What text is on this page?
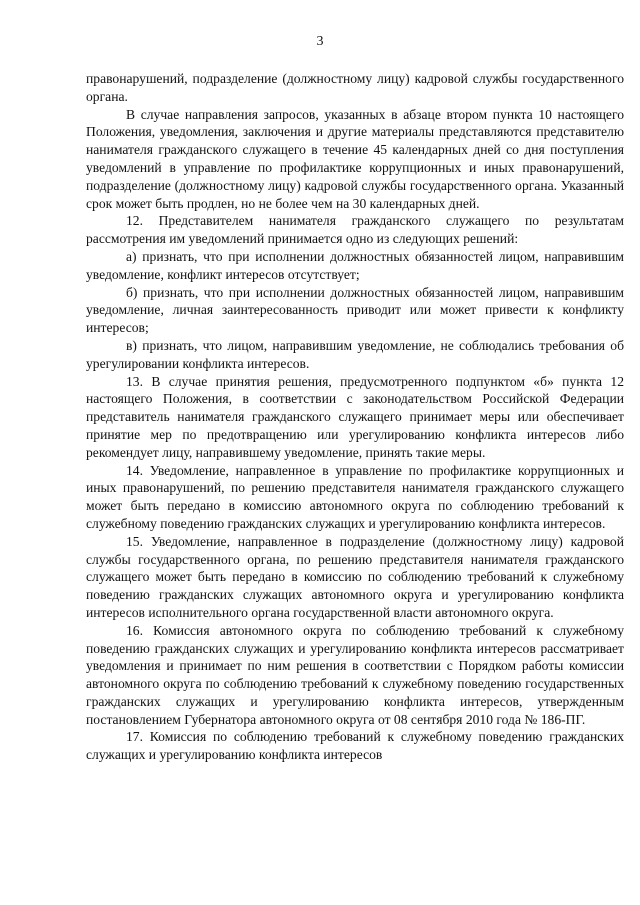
3

правонарушений, подразделение (должностному лицу) кадровой службы государственного органа.

В случае направления запросов, указанных в абзаце втором пункта 10 настоящего Положения, уведомления, заключения и другие материалы представляются представителю нанимателя гражданского служащего в течение 45 календарных дней со дня поступления уведомлений в управление по профилактике коррупционных и иных правонарушений, подразделение (должностному лицу) кадровой службы государственного органа. Указанный срок может быть продлен, но не более чем на 30 календарных дней.

12. Представителем нанимателя гражданского служащего по результатам рассмотрения им уведомлений принимается одно из следующих решений:

а) признать, что при исполнении должностных обязанностей лицом, направившим уведомление, конфликт интересов отсутствует;

б) признать, что при исполнении должностных обязанностей лицом, направившим уведомление, личная заинтересованность приводит или может привести к конфликту интересов;

в) признать, что лицом, направившим уведомление, не соблюдались требования об урегулировании конфликта интересов.

13. В случае принятия решения, предусмотренного подпунктом «б» пункта 12 настоящего Положения, в соответствии с законодательством Российской Федерации представитель нанимателя гражданского служащего принимает меры или обеспечивает принятие мер по предотвращению или урегулированию конфликта интересов либо рекомендует лицу, направившему уведомление, принять такие меры.

14. Уведомление, направленное в управление по профилактике коррупционных и иных правонарушений, по решению представителя нанимателя гражданского служащего может быть передано в комиссию автономного округа по соблюдению требований к служебному поведению гражданских служащих и урегулированию конфликта интересов.

15. Уведомление, направленное в подразделение (должностному лицу) кадровой службы государственного органа, по решению представителя нанимателя гражданского служащего может быть передано в комиссию по соблюдению требований к служебному поведению гражданских служащих автономного округа и урегулированию конфликта интересов исполнительного органа государственной власти автономного округа.

16. Комиссия автономного округа по соблюдению требований к служебному поведению гражданских служащих и урегулированию конфликта интересов рассматривает уведомления и принимает по ним решения в соответствии с Порядком работы комиссии автономного округа по соблюдению требований к служебному поведению государственных гражданских служащих и урегулированию конфликта интересов, утвержденным постановлением Губернатора автономного округа от 08 сентября 2010 года № 186-ПГ.

17. Комиссия по соблюдению требований к служебному поведению гражданских служащих и урегулированию конфликта интересов
